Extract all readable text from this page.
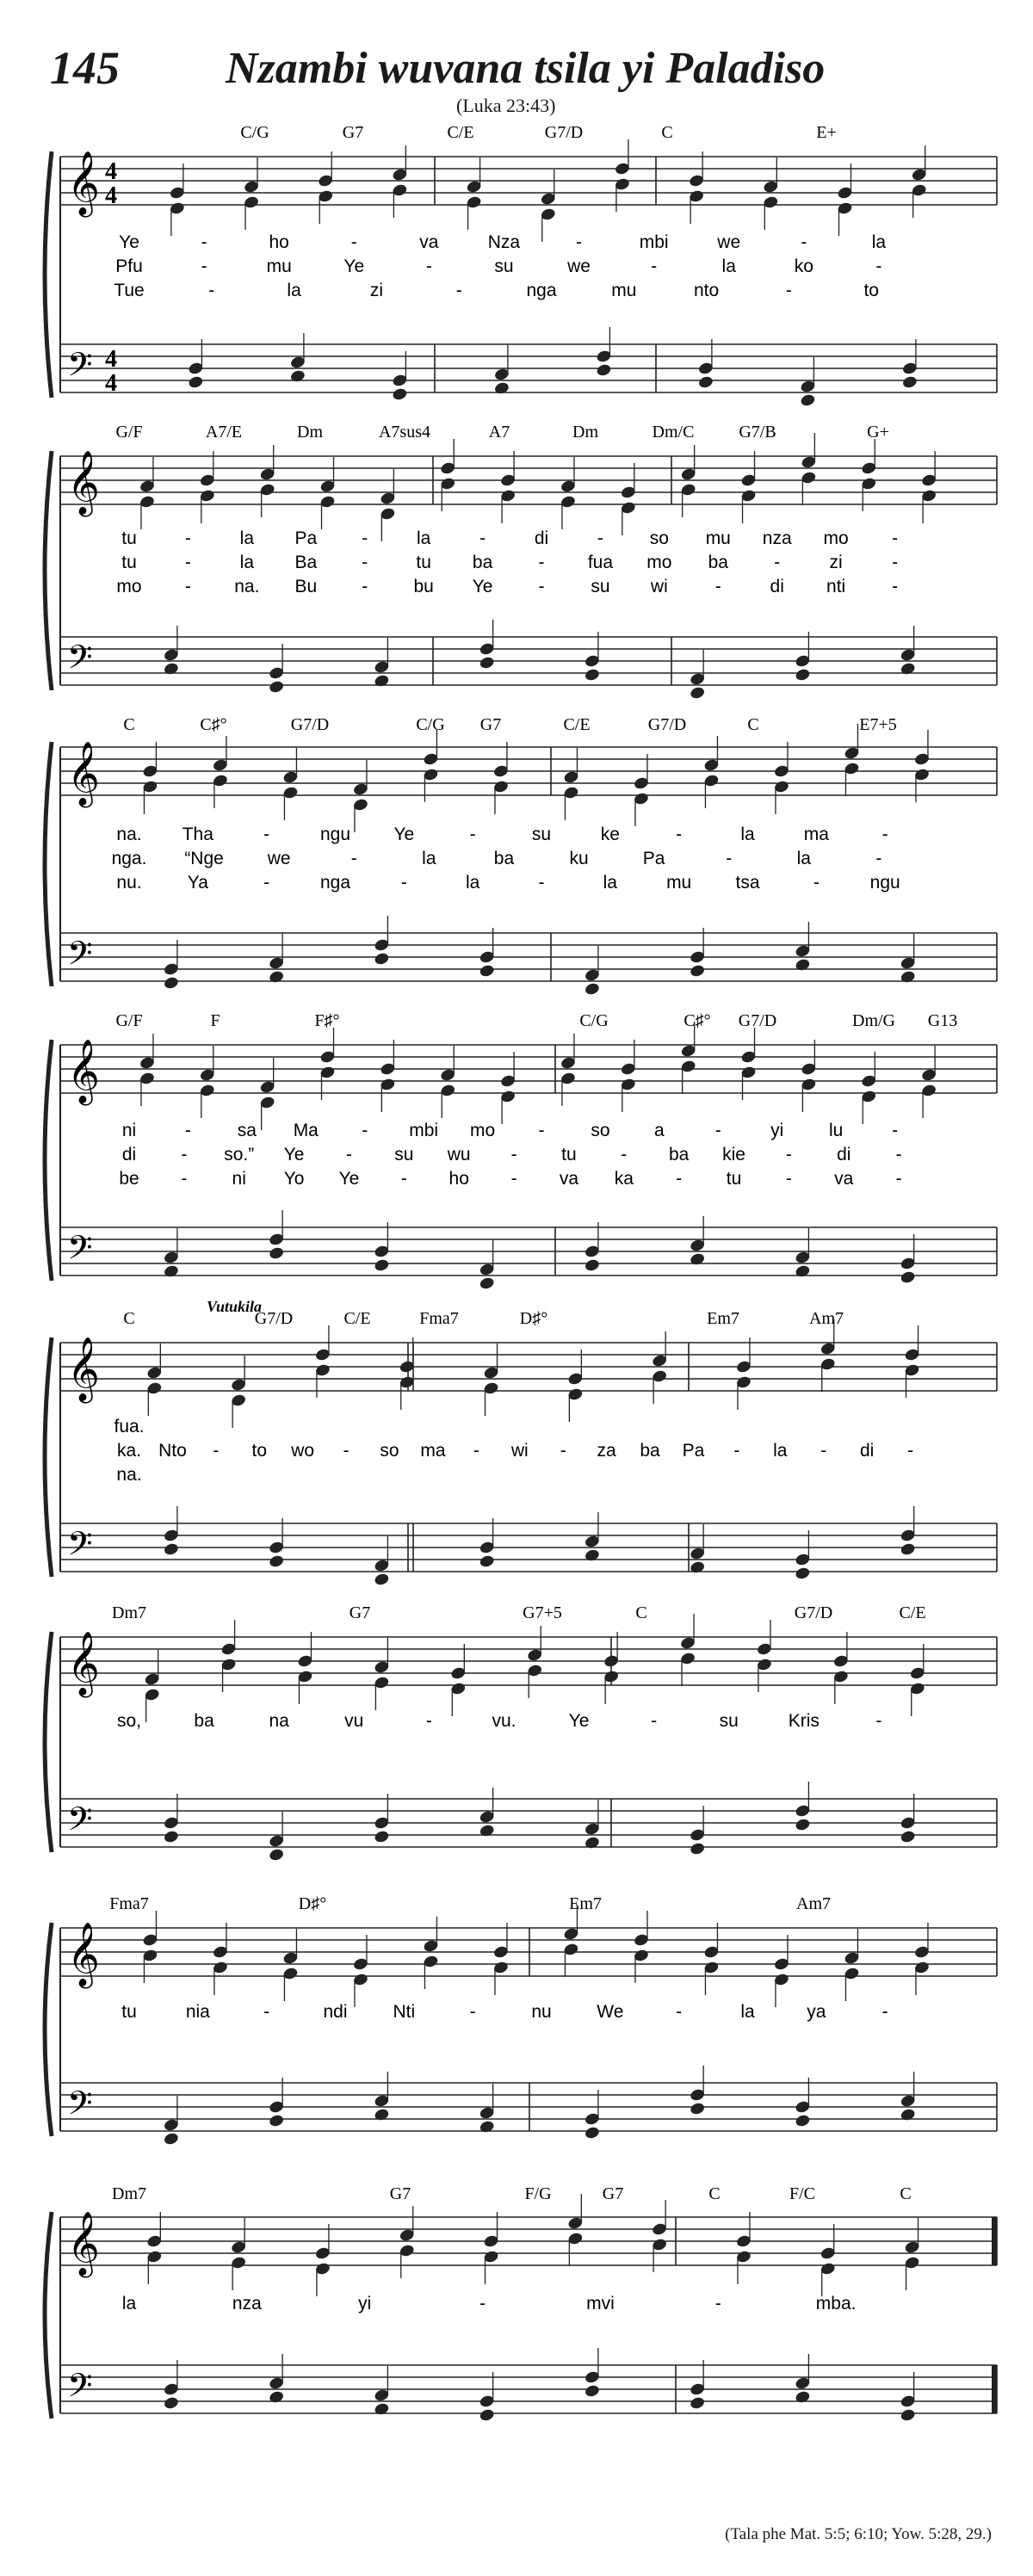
145 Nzambi wuvana tsila yi Paladiso
(Luka 23:43)
𝄞
𝄢
4
4
4
4
C/G	G7	C/E	G7/D	C	E+
Ye	-	ho	-	va	Nza	-	mbi	we	-	la
Pfu	-	mu	Ye	-	su	we	-	la	ko	-
Tue	-	la	zi	-	nga	mu	nto	-	to
𝄞
𝄢
G/F	A7/E	Dm	A7sus4	A7	Dm	Dm/C	G7/B	G+
tu	-	la Pa -	la	-	di	-	so mu nza mo -
tu	-	la Ba -	tu ba	- fua mo ba	-	zi	-
mo - na. Bu -	bu Ye	-	su wi	-	di nti	-
𝄞
𝄢
C	C♯°	G7/D	C/G G7	C/E	G7/D	C	E7+5
na. Tha	-	ngu Ye	-	su	ke	-	la	ma	-
nga. “Nge we	-	la	ba	ku	Pa	-	la	-
nu.	Ya	-	nga	-	la	-	la	mu tsa	-	ngu
𝄞
𝄢
G/F	F	F♯°	C/G	C♯° G7/D	Dm/G G13
ni	-	sa Ma - mbi mo -	so a	-	yi	lu	-
di - so.” Ye - su wu - tu - ba kie - di -
be - ni Yo Ye - ho - va ka - tu - va -
𝄞
𝄢
Vutukila
C	G7/D	C/E	Fma7	D♯°	Em7	Am7
fua.
ka. Nto - to wo - so ma - wi - za ba Pa - la - di -
na.
𝄞
𝄢
Dm7	G7	G7+5	C	G7/D	C/E
so,	ba	na	vu	-	vu.	Ye	-	su	Kris	-
𝄞
𝄢
Fma7	D♯°	Em7	Am7
tu	nia	-	ndi	Nti	-	nu	We	-	la	ya	-
𝄞
𝄢
Dm7	G7	F/G	G7	C	F/C	C
la	nza	yi	-	mvi	-	mba.
(Tala phe Mat. 5:5; 6:10; Yow. 5:28, 29.)
